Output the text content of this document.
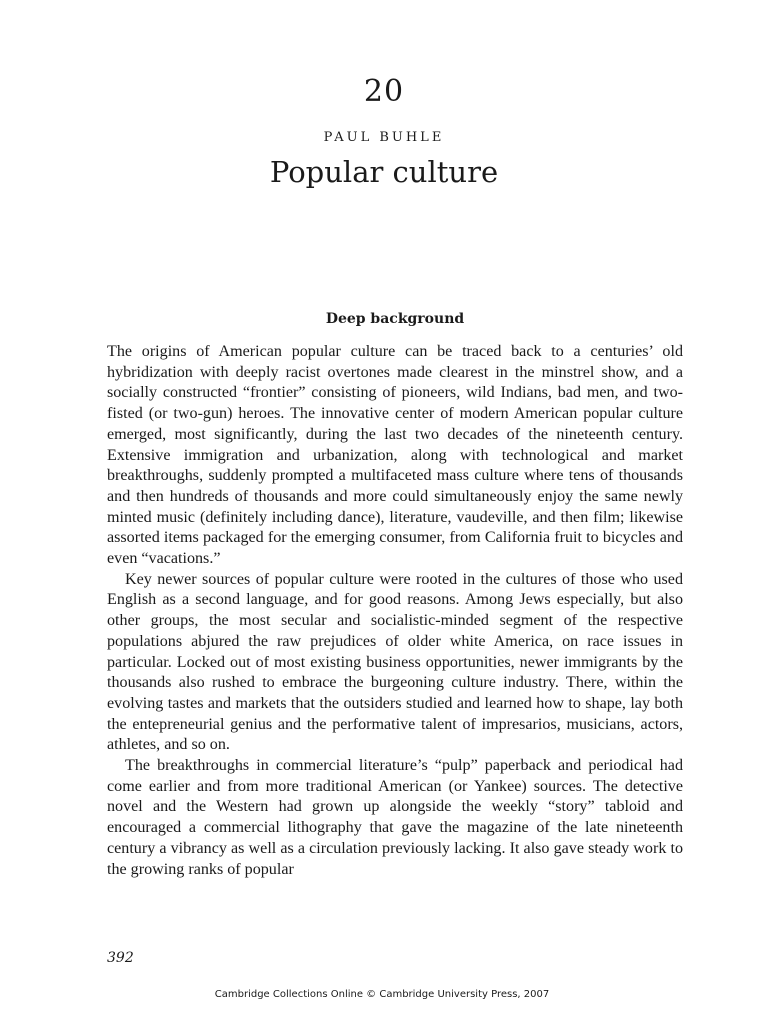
20
PAUL BUHLE
Popular culture
Deep background

The origins of American popular culture can be traced back to a centuries’ old hybridization with deeply racist overtones made clearest in the minstrel show, and a socially constructed “frontier” consisting of pioneers, wild Indians, bad men, and two-fisted (or two-gun) heroes. The innovative center of modern American popular culture emerged, most significantly, during the last two decades of the nineteenth century. Extensive immigration and urbanization, along with technological and market breakthroughs, suddenly prompted a multifaceted mass culture where tens of thousands and then hundreds of thousands and more could simultaneously enjoy the same newly minted music (definitely including dance), literature, vaudeville, and then film; likewise assorted items packaged for the emerging consumer, from California fruit to bicycles and even “vacations.”

Key newer sources of popular culture were rooted in the cultures of those who used English as a second language, and for good reasons. Among Jews especially, but also other groups, the most secular and socialistic-minded segment of the respective populations abjured the raw prejudices of older white America, on race issues in particular. Locked out of most existing business opportunities, newer immigrants by the thousands also rushed to embrace the burgeoning culture industry. There, within the evolving tastes and markets that the outsiders studied and learned how to shape, lay both the entepreneurial genius and the performative talent of impresarios, musicians, actors, athletes, and so on.

The breakthroughs in commercial literature’s “pulp” paperback and periodical had come earlier and from more traditional American (or Yankee) sources. The detective novel and the Western had grown up alongside the weekly “story” tabloid and encouraged a commercial lithography that gave the magazine of the late nineteenth century a vibrancy as well as a circulation previously lacking. It also gave steady work to the growing ranks of popular

392
Cambridge Collections Online © Cambridge University Press, 2007
